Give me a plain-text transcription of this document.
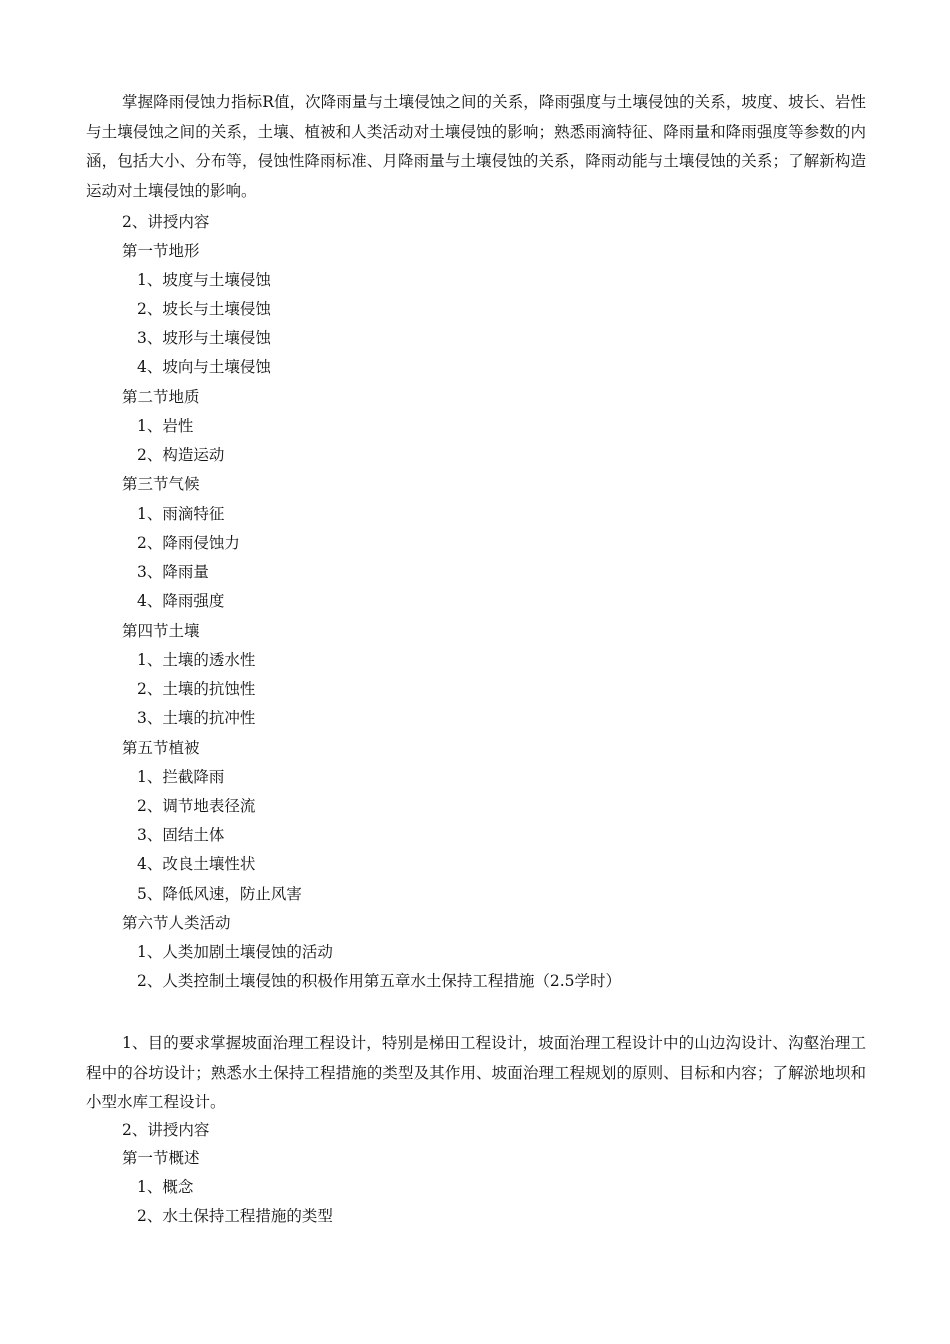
掌握降雨侵蚀力指标R值，次降雨量与土壤侵蚀之间的关系，降雨强度与土壤侵蚀的关系，坡度、坡长、岩性与土壤侵蚀之间的关系，土壤、植被和人类活动对土壤侵蚀的影响；熟悉雨滴特征、降雨量和降雨强度等参数的内涵，包括大小、分布等，侵蚀性降雨标准、月降雨量与土壤侵蚀的关系，降雨动能与土壤侵蚀的关系；了解新构造运动对土壤侵蚀的影响。

2、讲授内容

第一节地形

1、坡度与土壤侵蚀

2、坡长与土壤侵蚀

3、坡形与土壤侵蚀

4、坡向与土壤侵蚀

第二节地质

1、岩性

2、构造运动

第三节气候

1、雨滴特征

2、降雨侵蚀力

3、降雨量

4、降雨强度

第四节土壤

1、土壤的透水性

2、土壤的抗蚀性

3、土壤的抗冲性

第五节植被

1、拦截降雨

2、调节地表径流

3、固结土体

4、改良土壤性状

5、降低风速，防止风害

第六节人类活动

1、人类加剧土壤侵蚀的活动

2、人类控制土壤侵蚀的积极作用第五章水土保持工程措施（2.5学时）

1、目的要求掌握坡面治理工程设计，特别是梯田工程设计，坡面治理工程设计中的山边沟设计、沟壑治理工程中的谷坊设计；熟悉水土保持工程措施的类型及其作用、坡面治理工程规划的原则、目标和内容；了解淤地坝和小型水库工程设计。

2、讲授内容

第一节概述

1、概念

2、水土保持工程措施的类型
